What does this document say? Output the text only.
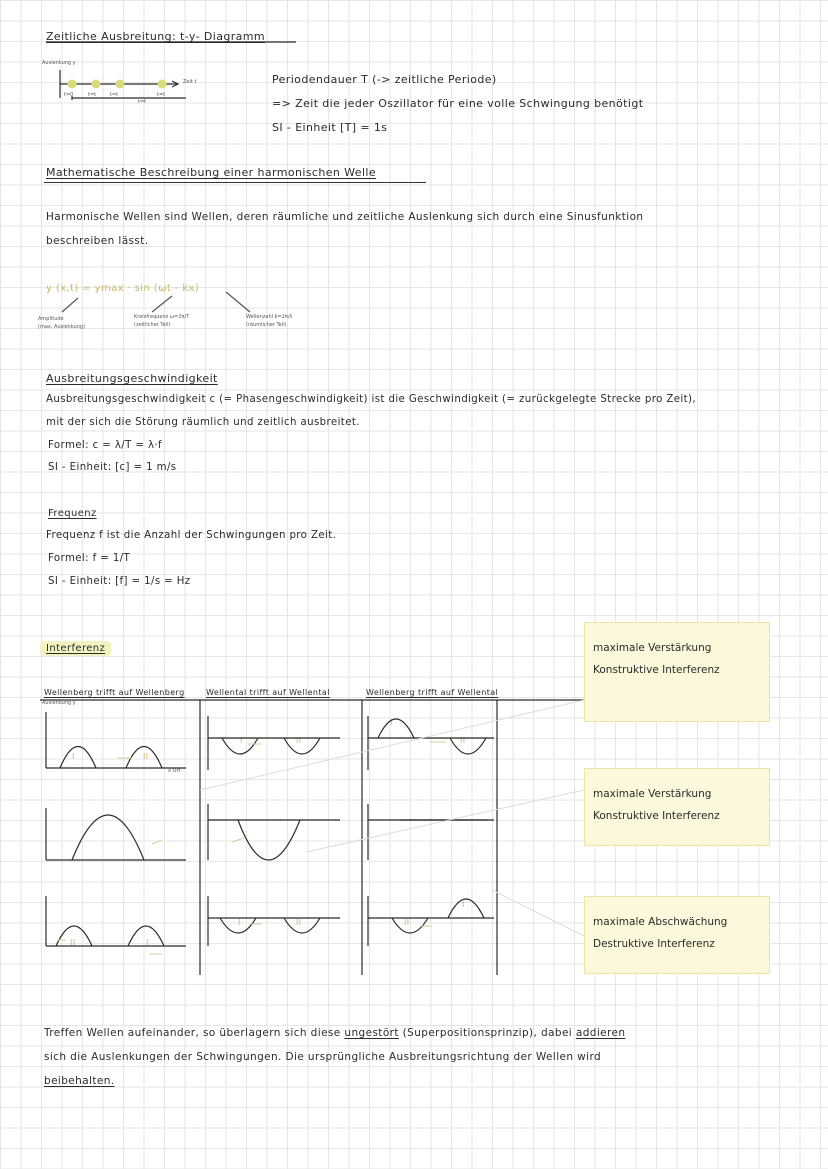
Zeitliche Ausbreitung: t-y- Diagramm
Auslenkung y
Zeit t
t=0	t=t	t=t
t=t
t=t
Periodendauer T (-> zeitliche Periode)
=> Zeit die jeder Oszillator für eine volle Schwingung benötigt
SI - Einheit [T] = 1s
Mathematische Beschreibung einer harmonischen Welle
Harmonische Wellen sind Wellen, deren räumliche und zeitliche Auslenkung sich durch eine Sinusfunktion
beschreiben lässt.
y (x,t) = ymax · sin (ωt - kx)
Amplitude
(max. Auslenkung)
Kreisfrequenz ω=2π/T
(zeitlicher Teil)
Wellenzahl k=2π/λ
(räumlicher Teil)
Ausbreitungsgeschwindigkeit
Ausbreitungsgeschwindigkeit c (= Phasengeschwindigkeit) ist die Geschwindigkeit (= zurückgelegte Strecke pro Zeit),
mit der sich die Störung räumlich und zeitlich ausbreitet.
Formel: c = λ/T = λ·f
SI - Einheit: [c] = 1 m/s
Frequenz
Frequenz f ist die Anzahl der Schwingungen pro Zeit.
Formel: f = 1/T
SI - Einheit: [f] = 1/s = Hz
Interferenz
Wellenberg trifft auf Wellenberg	Wellental trifft auf Wellental	Wellenberg trifft auf Wellental
Auslenkung y
x Ort
I	II
I	II
I
II
II	I
I	II	II
I
maximale Verstärkung
Konstruktive Interferenz
maximale Verstärkung
Konstruktive Interferenz
maximale Abschwächung
Destruktive Interferenz
Treffen Wellen aufeinander, so überlagern sich diese ungestört (Superpositionsprinzip), dabei addieren
sich die Auslenkungen der Schwingungen. Die ursprüngliche Ausbreitungsrichtung der Wellen wird
beibehalten.
